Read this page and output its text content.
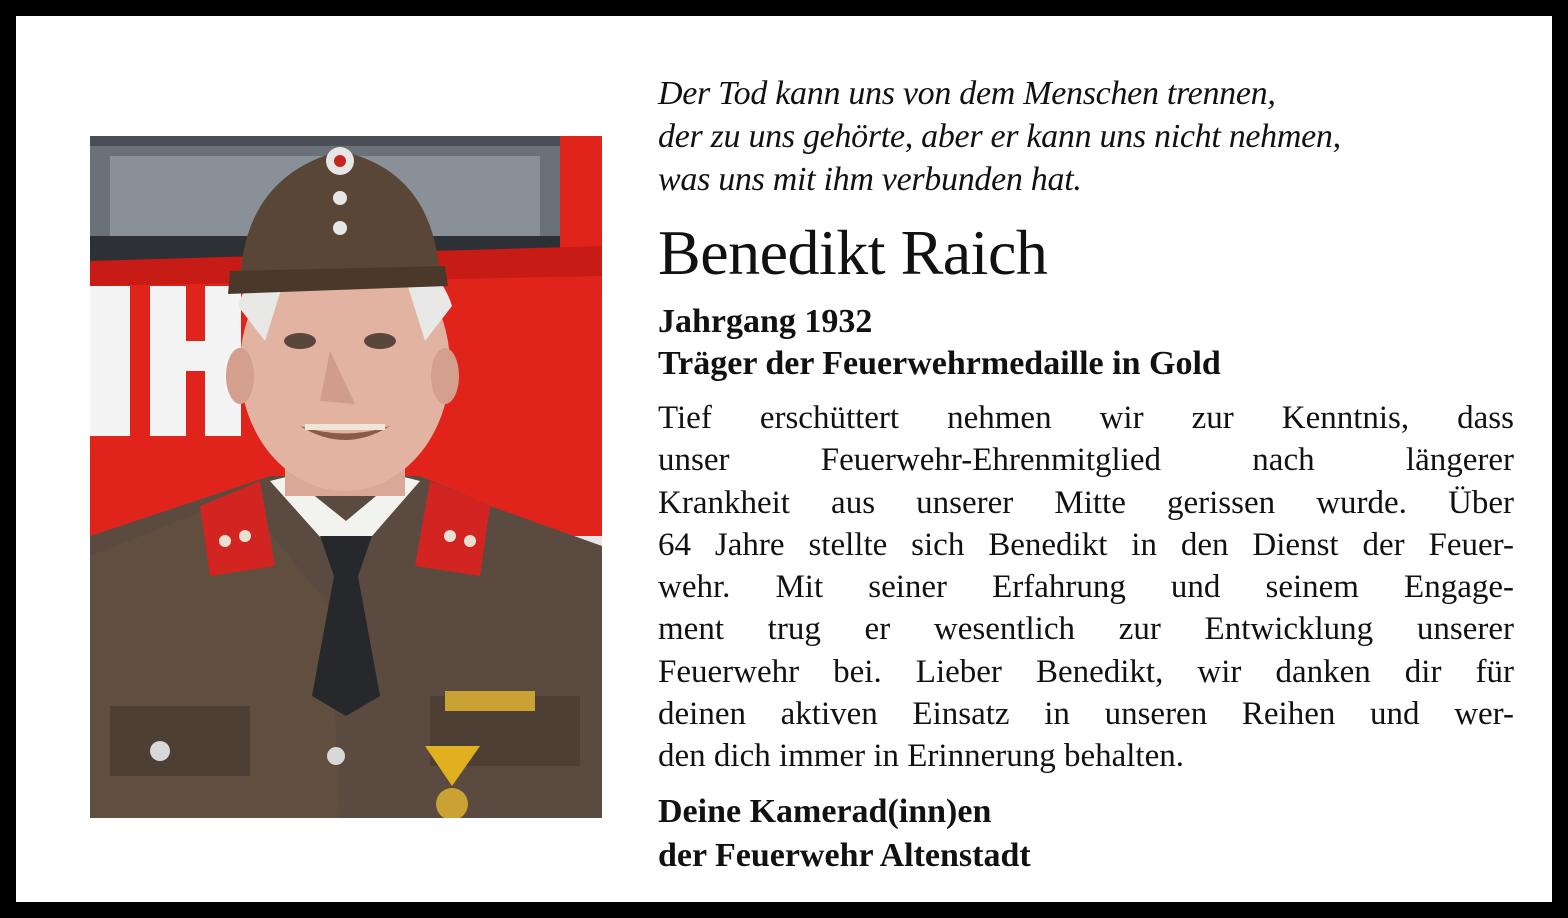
Der Tod kann uns von dem Menschen trennen,
der zu uns gehörte, aber er kann uns nicht nehmen,
was uns mit ihm verbunden hat.
Benedikt Raich
Jahrgang 1932
Träger der Feuerwehrmedaille in Gold
Tief erschüttert nehmen wir zur Kenntnis, dass
unser Feuerwehr-Ehrenmitglied nach längerer
Krankheit aus unserer Mitte gerissen wurde. Über
64 Jahre stellte sich Benedikt in den Dienst der Feuer-
wehr. Mit seiner Erfahrung und seinem Engage-
ment trug er wesentlich zur Entwicklung unserer
Feuerwehr bei. Lieber Benedikt, wir danken dir für
deinen aktiven Einsatz in unseren Reihen und wer-
den dich immer in Erinnerung behalten.
Deine Kamerad(inn)en
der Feuerwehr Altenstadt
